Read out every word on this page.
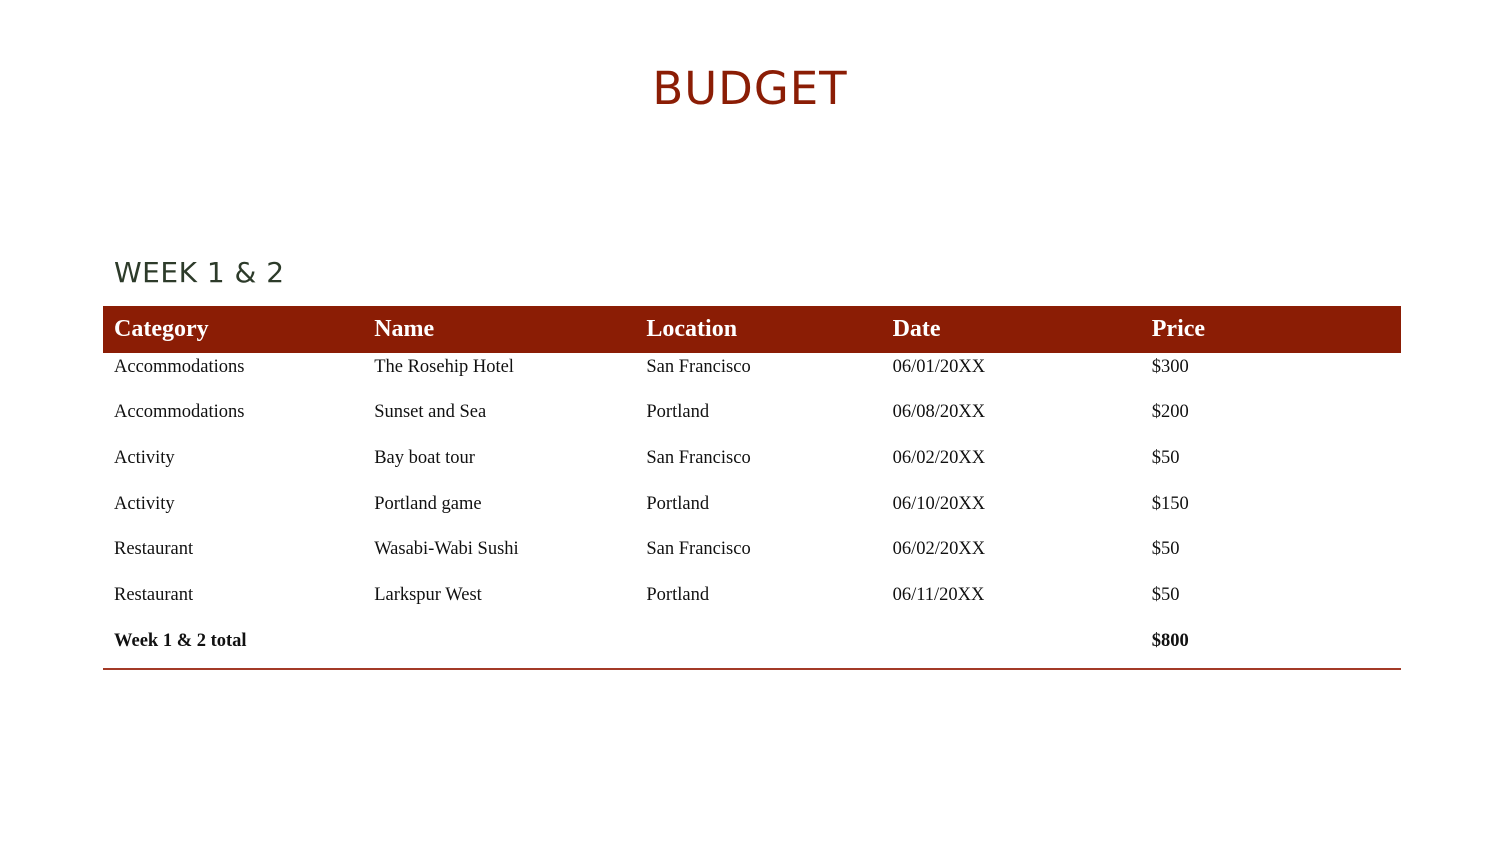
BUDGET
WEEK 1 & 2
Category	Name	Location	Date	Price
Accommodations	The Rosehip Hotel	San Francisco	06/01/20XX	$300
Accommodations	Sunset and Sea	Portland	06/08/20XX	$200
Activity	Bay boat tour	San Francisco	06/02/20XX	$50
Activity	Portland game	Portland	06/10/20XX	$150
Restaurant	Wasabi-Wabi Sushi	San Francisco	06/02/20XX	$50
Restaurant	Larkspur West	Portland	06/11/20XX	$50
Week 1 & 2 total				$800
